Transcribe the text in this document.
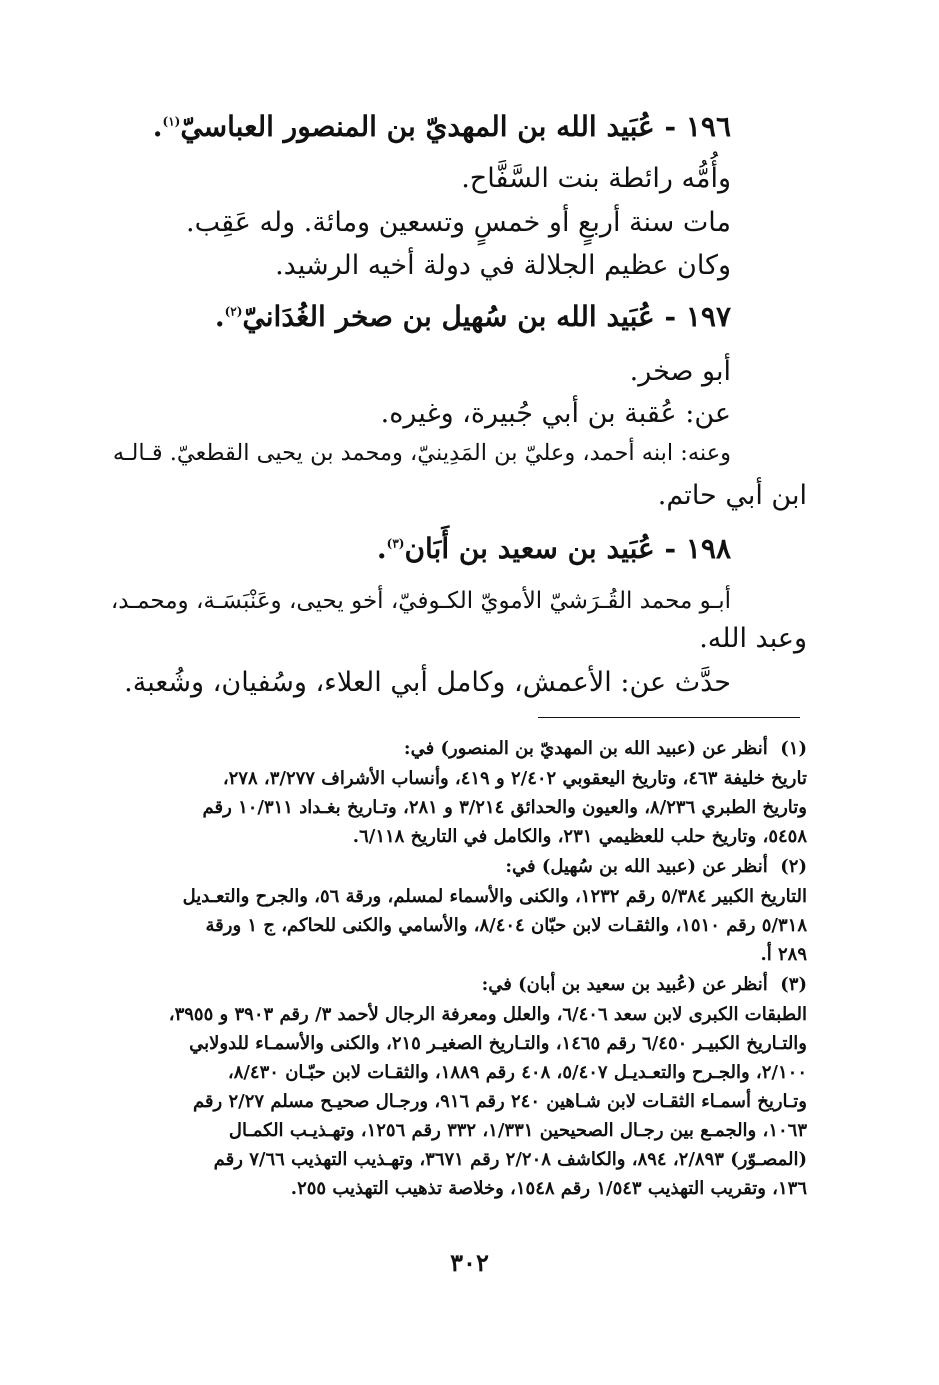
١٩٦ - عُبَيد الله بن المهديّ بن المنصور العباسيّ$^{(١)}$.
وأُمُّه رائطة بنت السَّفَّاح.
مات سنة أربعٍ أو خمسٍ وتسعين ومائة. وله عَقِب.
وكان عظيم الجلالة في دولة أخيه الرشيد.
١٩٧ - عُبَيد الله بن سُهيل بن صخر الغُدَانيّ$^{(٢)}$.
أبو صخر.
عن: عُقبة بن أبي جُبيرة، وغيره.
وعنه: ابنه أحمد، وعليّ بن المَدِينيّ، ومحمد بن يحيى القطعيّ. قـالـه
ابن أبي حاتم.
١٩٨ - عُبَيد بن سعيد بن أَبَان$^{(٣)}$.
أبـو محمد القُـرَشيّ الأمويّ الكـوفيّ، أخو يحيى، وعَنْبَسَـة، ومحمـد،
وعبد الله.
حدَّث عن: الأعمش، وكامل أبي العلاء، وسُفيان، وشُعبة.
(١)  أنظر عن (عبيد الله بن المهديّ بن المنصور) في:
تاريخ خليفة ٤٦٣، وتاريخ اليعقوبي ٢/٤٠٢ و ٤١٩، وأنساب الأشراف ٣/٢٧٧، ٢٧٨،
وتاريخ الطبري ٨/٢٣٦، والعيون والحدائق ٣/٢١٤ و ٢٨١، وتـاريخ بغـداد ١٠/٣١١ رقم
٥٤٥٨، وتاريخ حلب للعظيمي ٢٣١، والكامل في التاريخ ٦/١١٨.
(٢)  أنظر عن (عبيد الله بن سُهيل) في:
التاريخ الكبير ٥/٣٨٤ رقم ١٢٣٢، والكنى والأسماء لمسلم، ورقة ٥٦، والجرح والتعـديل
٥/٣١٨ رقم ١٥١٠، والثقـات لابن حبّان ٨/٤٠٤، والأسامي والكنى للحاكم، ج ١ ورقة
٢٨٩ أ.
(٣)  أنظر عن (عُبيد بن سعيد بن أبان) في:
الطبقات الكبرى لابن سعد ٦/٤٠٦، والعلل ومعرفة الرجال لأحمد ٣/ رقم ٣٩٠٣ و ٣٩٥٥،
والتـاريخ الكبيـر ٦/٤٥٠ رقم ١٤٦٥، والتـاريخ الصغيـر ٢١٥، والكنى والأسمـاء للدولابي
٢/١٠٠، والجـرح والتعـديـل ٥/٤٠٧، ٤٠٨ رقم ١٨٨٩، والثقـات لابن حبّـان ٨/٤٣٠،
وتـاريخ أسمـاء الثقـات لابن شـاهين ٢٤٠ رقم ٩١٦، ورجـال صحيـح مسلم ٢/٢٧ رقم
١٠٦٣، والجمـع بين رجـال الصحيحين ١/٣٣١، ٣٣٢ رقم ١٢٥٦، وتهـذيـب الكمـال
(المصـوّر) ٢/٨٩٣، ٨٩٤، والكاشف ٢/٢٠٨ رقم ٣٦٧١، وتهـذيب التهذيب ٧/٦٦ رقم
١٣٦، وتقريب التهذيب ١/٥٤٣ رقم ١٥٤٨، وخلاصة تذهيب التهذيب ٢٥٥.
٣٠٢
